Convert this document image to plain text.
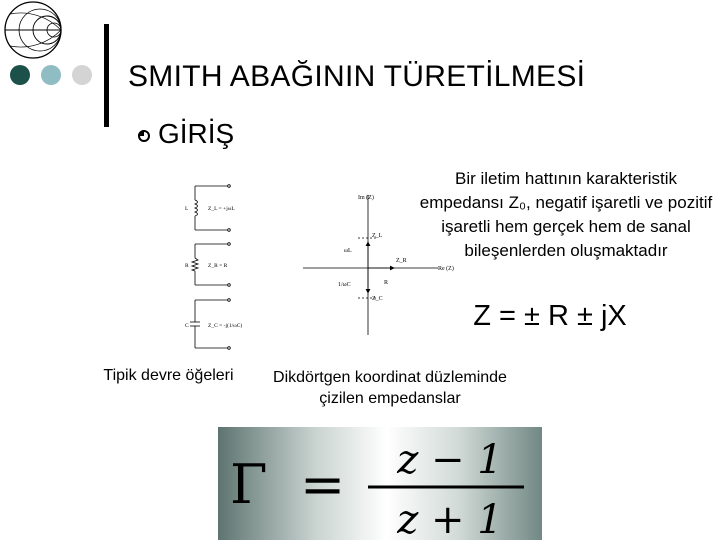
SMITH ABAĞININ TÜRETİLMESİ
GİRİŞ
L	Z_L = +jωL
R	Z_R = R
C	Z_C = -j(1/ωC)
Im (Z)
Re (Z)
Z_L
Z_R
Z_C
ωL
1/ωC	R
Bir iletim hattının karakteristik empedansı Z₀, negatif işaretli ve pozitif işaretli hem gerçek hem de sanal bileşenlerden oluşmaktadır
Z = ± R ± jX
Tipik devre öğeleri	Dikdörtgen koordinat düzleminde çizilen empedanslar
Γ = z − 1
z + 1
